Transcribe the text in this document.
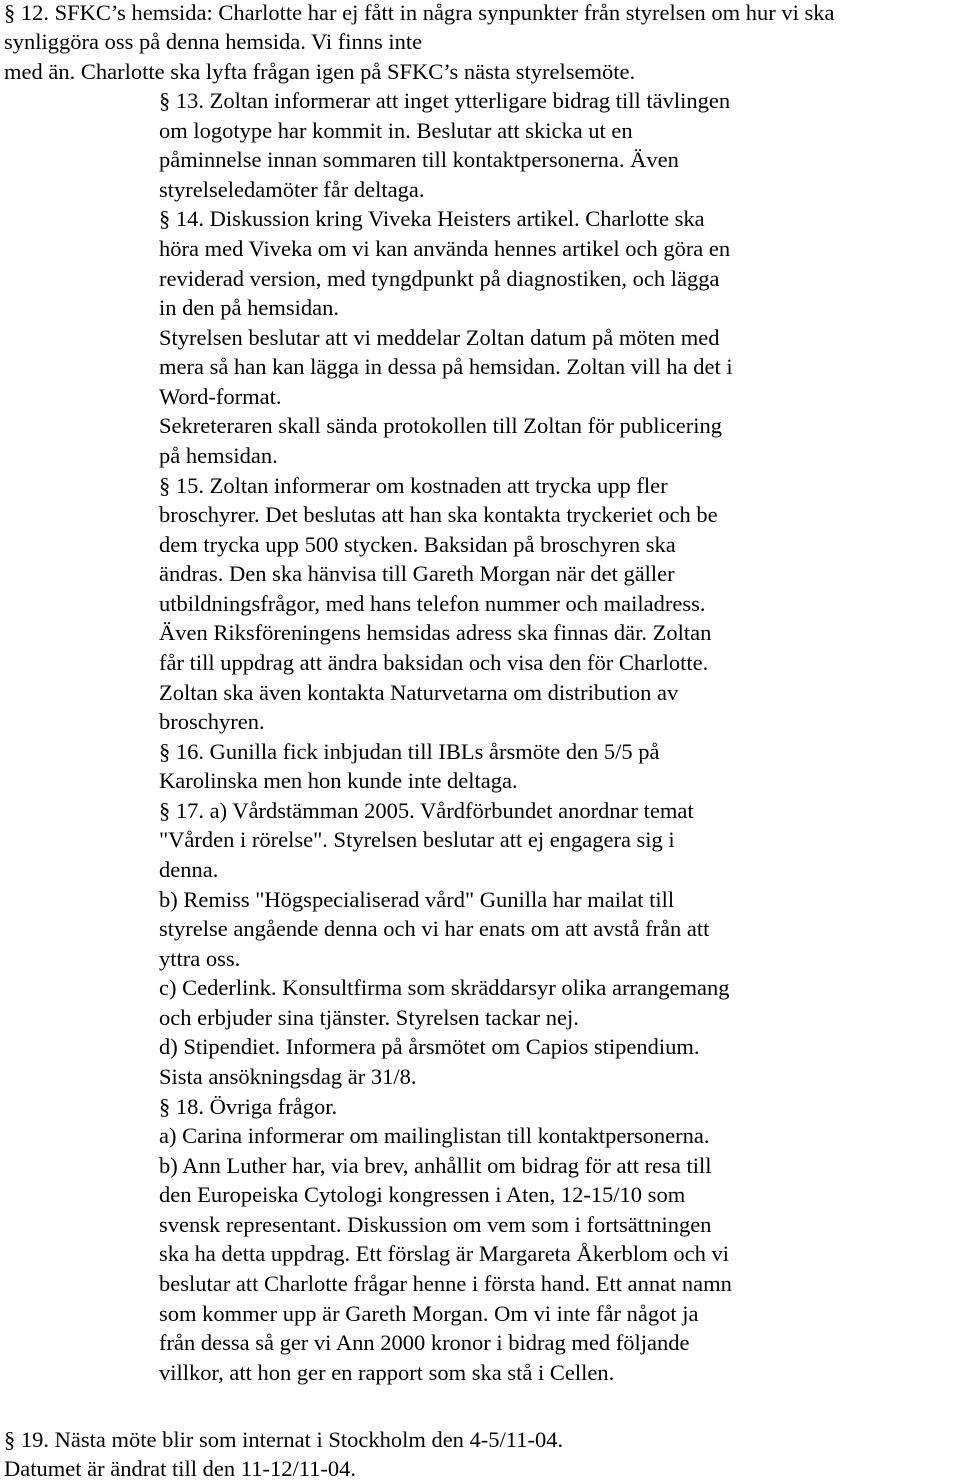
§ 12. SFKC’s hemsida: Charlotte har ej fått in några synpunkter från styrelsen om hur vi ska
synliggöra oss på denna hemsida. Vi finns inte
med än. Charlotte ska lyfta frågan igen på SFKC’s nästa styrelsemöte.
§ 13. Zoltan informerar att inget ytterligare bidrag till tävlingen
om logotype har kommit in. Beslutar att skicka ut en
påminnelse innan sommaren till kontaktpersonerna. Även
styrelseledamöter får deltaga.
§ 14. Diskussion kring Viveka Heisters artikel. Charlotte ska
höra med Viveka om vi kan använda hennes artikel och göra en
reviderad version, med tyngdpunkt på diagnostiken, och lägga
in den på hemsidan.
Styrelsen beslutar att vi meddelar Zoltan datum på möten med
mera så han kan lägga in dessa på hemsidan. Zoltan vill ha det i
Word-format.
Sekreteraren skall sända protokollen till Zoltan för publicering
på hemsidan.
§ 15. Zoltan informerar om kostnaden att trycka upp fler
broschyrer. Det beslutas att han ska kontakta tryckeriet och be
dem trycka upp 500 stycken. Baksidan på broschyren ska
ändras. Den ska hänvisa till Gareth Morgan när det gäller
utbildningsfrågor, med hans telefon nummer och mailadress.
Även Riksföreningens hemsidas adress ska finnas där. Zoltan
får till uppdrag att ändra baksidan och visa den för Charlotte.
Zoltan ska även kontakta Naturvetarna om distribution av
broschyren.
§ 16. Gunilla fick inbjudan till IBLs årsmöte den 5/5 på
Karolinska men hon kunde inte deltaga.
§ 17. a) Vårdstämman 2005. Vårdförbundet anordnar temat
"Vården i rörelse". Styrelsen beslutar att ej engagera sig i
denna.
b) Remiss "Högspecialiserad vård" Gunilla har mailat till
styrelse angående denna och vi har enats om att avstå från att
yttra oss.
c) Cederlink. Konsultfirma som skräddarsyr olika arrangemang
och erbjuder sina tjänster. Styrelsen tackar nej.
d) Stipendiet. Informera på årsmötet om Capios stipendium.
Sista ansökningsdag är 31/8.
§ 18. Övriga frågor.
a) Carina informerar om mailinglistan till kontaktpersonerna.
b) Ann Luther har, via brev, anhållit om bidrag för att resa till
den Europeiska Cytologi kongressen i Aten, 12-15/10 som
svensk representant. Diskussion om vem som i fortsättningen
ska ha detta uppdrag. Ett förslag är Margareta Åkerblom och vi
beslutar att Charlotte frågar henne i första hand. Ett annat namn
som kommer upp är Gareth Morgan. Om vi inte får något ja
från dessa så ger vi Ann 2000 kronor i bidrag med följande
villkor, att hon ger en rapport som ska stå i Cellen.
§ 19. Nästa möte blir som internat i Stockholm den 4-5/11-04.
Datumet är ändrat till den 11-12/11-04.
